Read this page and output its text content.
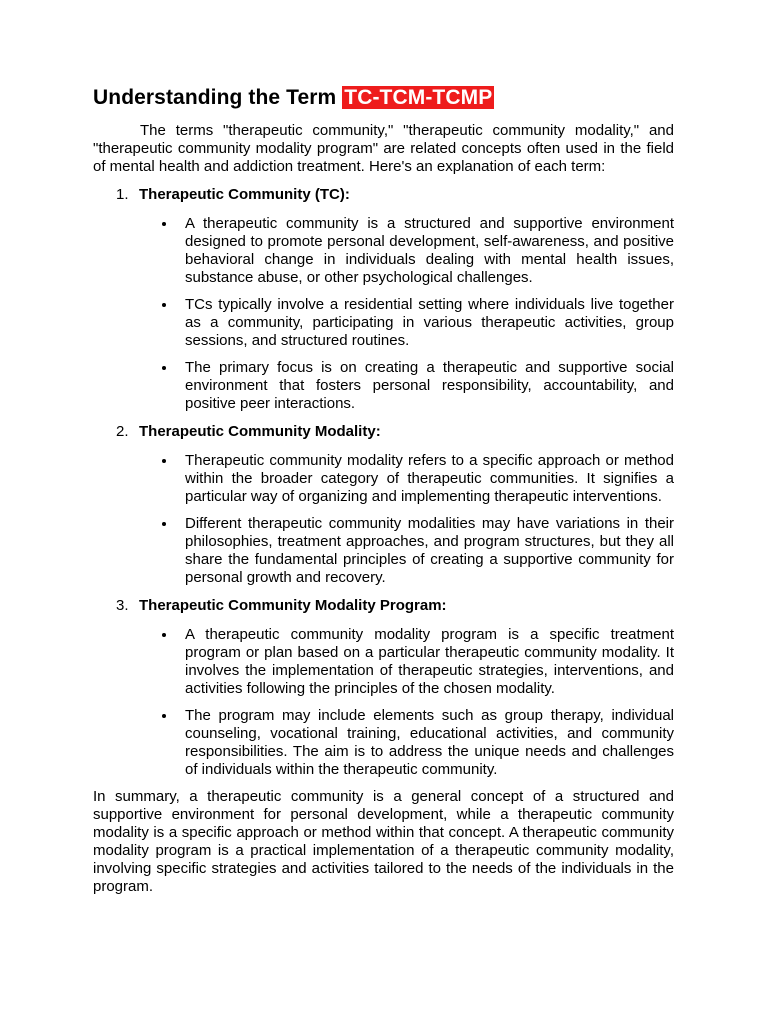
Understanding the Term TC-TCM-TCMP

The terms "therapeutic community," "therapeutic community modality," and "therapeutic community modality program" are related concepts often used in the field of mental health and addiction treatment. Here's an explanation of each term:

1. Therapeutic Community (TC):

A therapeutic community is a structured and supportive environment designed to promote personal development, self-awareness, and positive behavioral change in individuals dealing with mental health issues, substance abuse, or other psychological challenges.

TCs typically involve a residential setting where individuals live together as a community, participating in various therapeutic activities, group sessions, and structured routines.

The primary focus is on creating a therapeutic and supportive social environment that fosters personal responsibility, accountability, and positive peer interactions.

2. Therapeutic Community Modality:

Therapeutic community modality refers to a specific approach or method within the broader category of therapeutic communities. It signifies a particular way of organizing and implementing therapeutic interventions.

Different therapeutic community modalities may have variations in their philosophies, treatment approaches, and program structures, but they all share the fundamental principles of creating a supportive community for personal growth and recovery.

3. Therapeutic Community Modality Program:

A therapeutic community modality program is a specific treatment program or plan based on a particular therapeutic community modality. It involves the implementation of therapeutic strategies, interventions, and activities following the principles of the chosen modality.

The program may include elements such as group therapy, individual counseling, vocational training, educational activities, and community responsibilities. The aim is to address the unique needs and challenges of individuals within the therapeutic community.

In summary, a therapeutic community is a general concept of a structured and supportive environment for personal development, while a therapeutic community modality is a specific approach or method within that concept. A therapeutic community modality program is a practical implementation of a therapeutic community modality, involving specific strategies and activities tailored to the needs of the individuals in the program.
